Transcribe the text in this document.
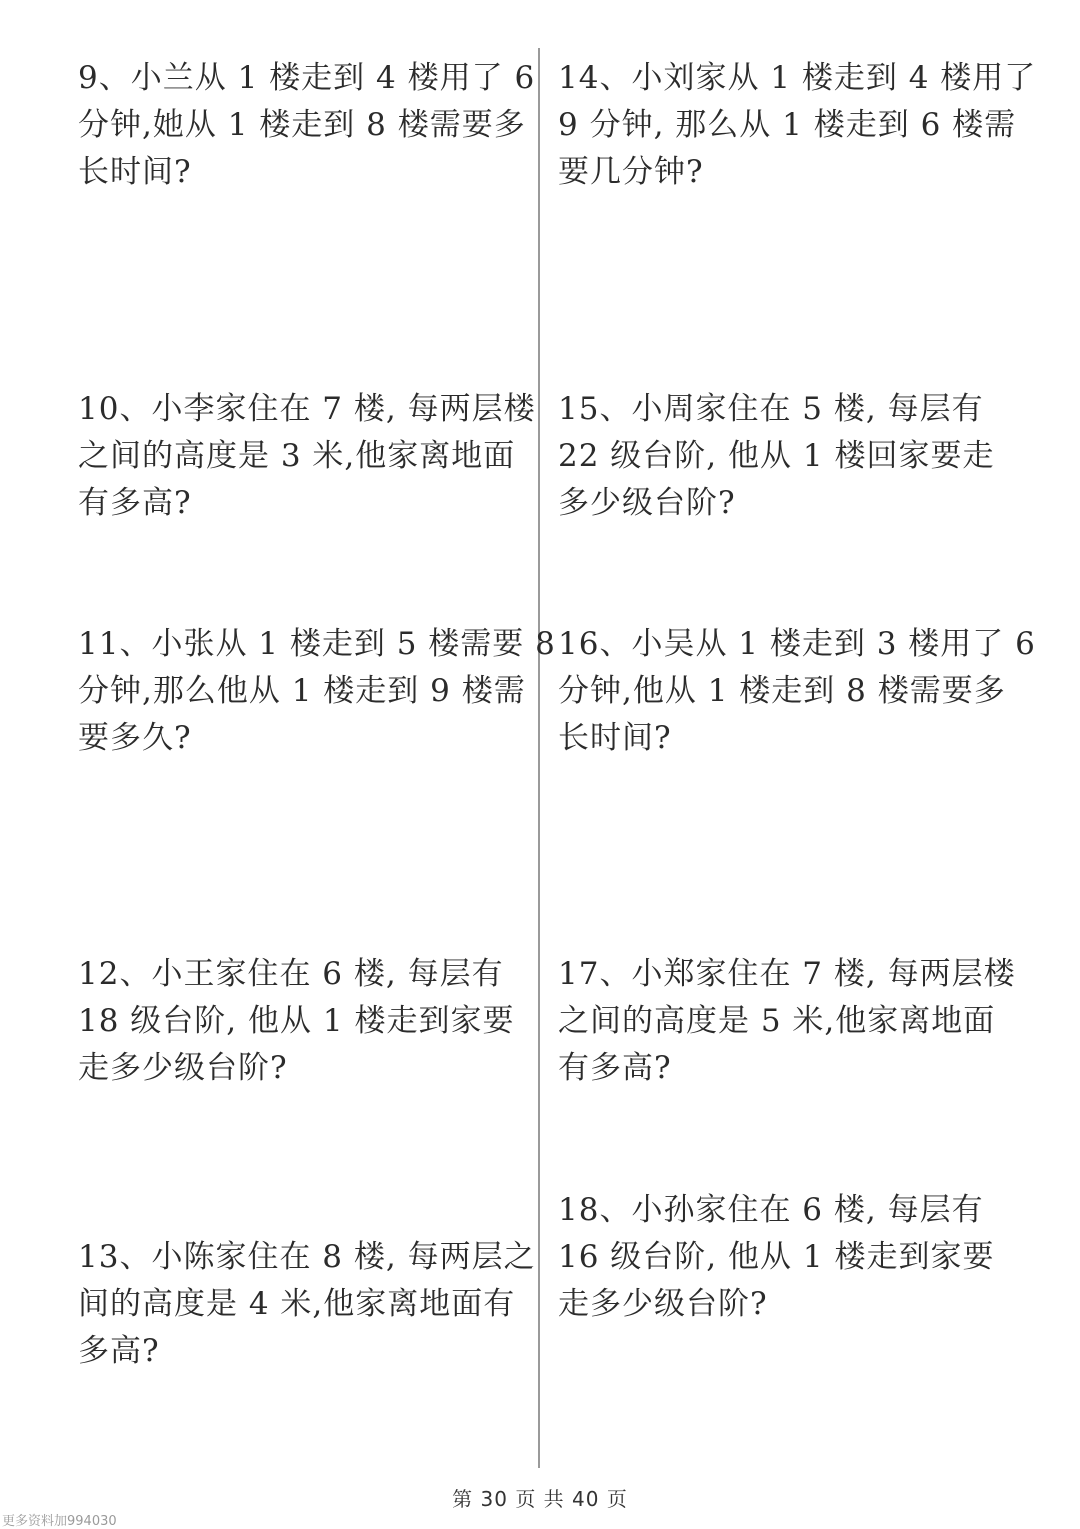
9、小兰从 1 楼走到 4 楼用了 6
分钟,她从 1 楼走到 8 楼需要多
长时间?
10、小李家住在 7 楼, 每两层楼
之间的高度是 3 米,他家离地面
有多高?
11、小张从 1 楼走到 5 楼需要 8
分钟,那么他从 1 楼走到 9 楼需
要多久?
12、小王家住在 6 楼, 每层有
18 级台阶, 他从 1 楼走到家要
走多少级台阶?
13、小陈家住在 8 楼, 每两层之
间的高度是 4 米,他家离地面有
多高?
14、小刘家从 1 楼走到 4 楼用了
9 分钟, 那么从 1 楼走到 6 楼需
要几分钟?
15、小周家住在 5 楼, 每层有
22 级台阶, 他从 1 楼回家要走
多少级台阶?
16、小吴从 1 楼走到 3 楼用了 6
分钟,他从 1 楼走到 8 楼需要多
长时间?
17、小郑家住在 7 楼, 每两层楼
之间的高度是 5 米,他家离地面
有多高?
18、小孙家住在 6 楼, 每层有
16 级台阶, 他从 1 楼走到家要
走多少级台阶?
第 30 页 共 40 页
更多资料加994030
